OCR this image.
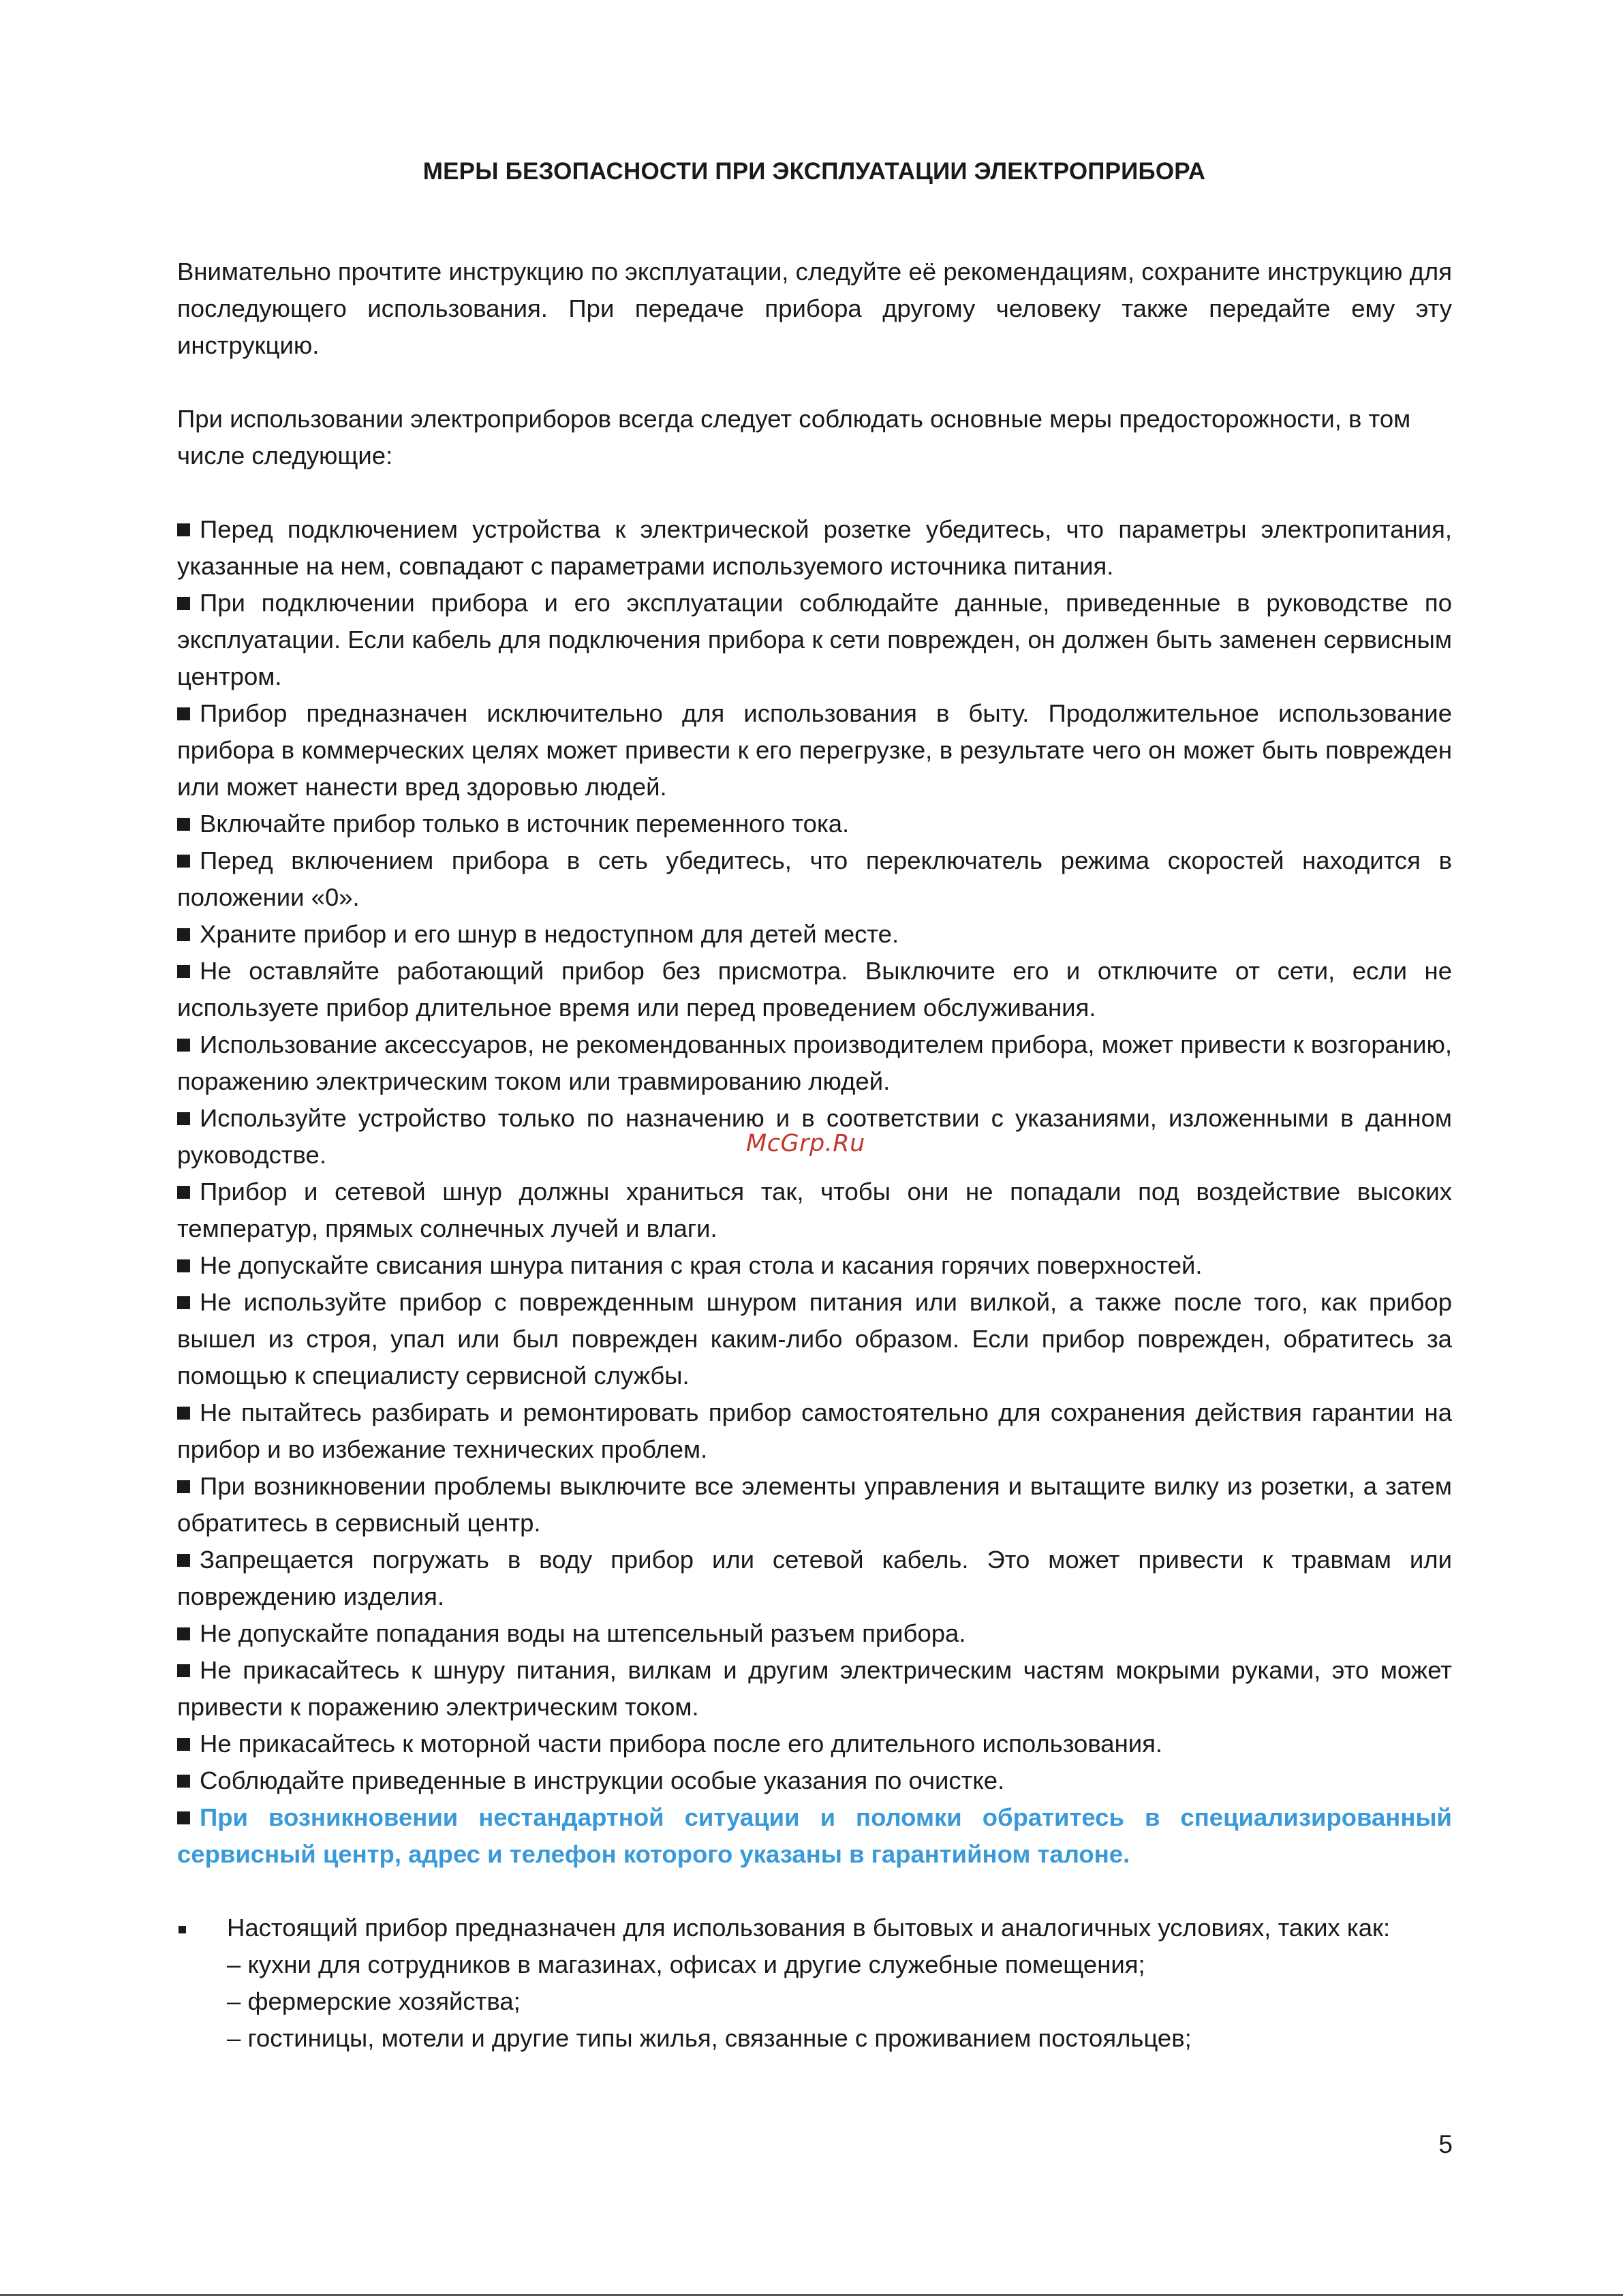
МЕРЫ БЕЗОПАСНОСТИ ПРИ ЭКСПЛУАТАЦИИ ЭЛЕКТРОПРИБОРА

Внимательно прочтите инструкцию по эксплуатации, следуйте её рекомендациям, сохраните инструкцию для последующего использования. При передаче прибора другому человеку также передайте ему эту инструкцию.

При использовании электроприборов всегда следует соблюдать основные меры предосторожности, в том числе следующие:

Перед подключением устройства к электрической розетке убедитесь, что параметры электропитания, указанные на нем, совпадают с параметрами используемого источника питания.

При подключении прибора и его эксплуатации соблюдайте данные, приведенные в руководстве по эксплуатации. Если кабель для подключения прибора к сети поврежден, он должен быть заменен сервисным центром.

Прибор предназначен исключительно для использования в быту. Продолжительное использование прибора в коммерческих целях может привести к его перегрузке, в результате чего он может быть поврежден или может нанести вред здоровью людей.

Включайте прибор только в источник переменного тока.

Перед включением прибора в сеть убедитесь, что переключатель режима скоростей находится в положении «0».

Храните прибор и его шнур в недоступном для детей месте.

Не оставляйте работающий прибор без присмотра. Выключите его и отключите от сети, если не используете прибор длительное время или перед проведением обслуживания.

Использование аксессуаров, не рекомендованных производителем прибора, может привести к возгоранию, поражению электрическим током или травмированию людей.

Используйте устройство только по назначению и в соответствии с указаниями, изложенными в данном руководстве.

Прибор и сетевой шнур должны храниться так, чтобы они не попадали под воздействие высоких температур, прямых солнечных лучей и влаги.

Не допускайте свисания шнура питания с края стола и касания горячих поверхностей.

Не используйте прибор с поврежденным шнуром питания или вилкой, а также после того, как прибор вышел из строя, упал или был поврежден каким-либо образом. Если прибор поврежден, обратитесь за помощью к специалисту сервисной службы.

Не пытайтесь разбирать и ремонтировать прибор самостоятельно для сохранения действия гарантии на прибор и во избежание технических проблем.

При возникновении проблемы выключите все элементы управления и вытащите вилку из розетки, а затем обратитесь в сервисный центр.

Запрещается погружать в воду прибор или сетевой кабель. Это может привести к травмам или повреждению изделия.

Не допускайте попадания воды на штепсельный разъем прибора.

Не прикасайтесь к шнуру питания, вилкам и другим электрическим частям мокрыми руками, это может привести к поражению электрическим током.

Не прикасайтесь к моторной части прибора после его длительного использования.

Соблюдайте приведенные в инструкции особые указания по очистке.

При возникновении нестандартной ситуации и поломки обратитесь в специализированный сервисный центр, адрес и телефон которого указаны в гарантийном талоне.

Настоящий прибор предназначен для использования в бытовых и аналогичных условиях, таких как:

– кухни для сотрудников в магазинах, офисах и другие служебные помещения;

– фермерские хозяйства;

– гостиницы, мотели и другие типы жилья, связанные с проживанием постояльцев;

McGrp.Ru
5
